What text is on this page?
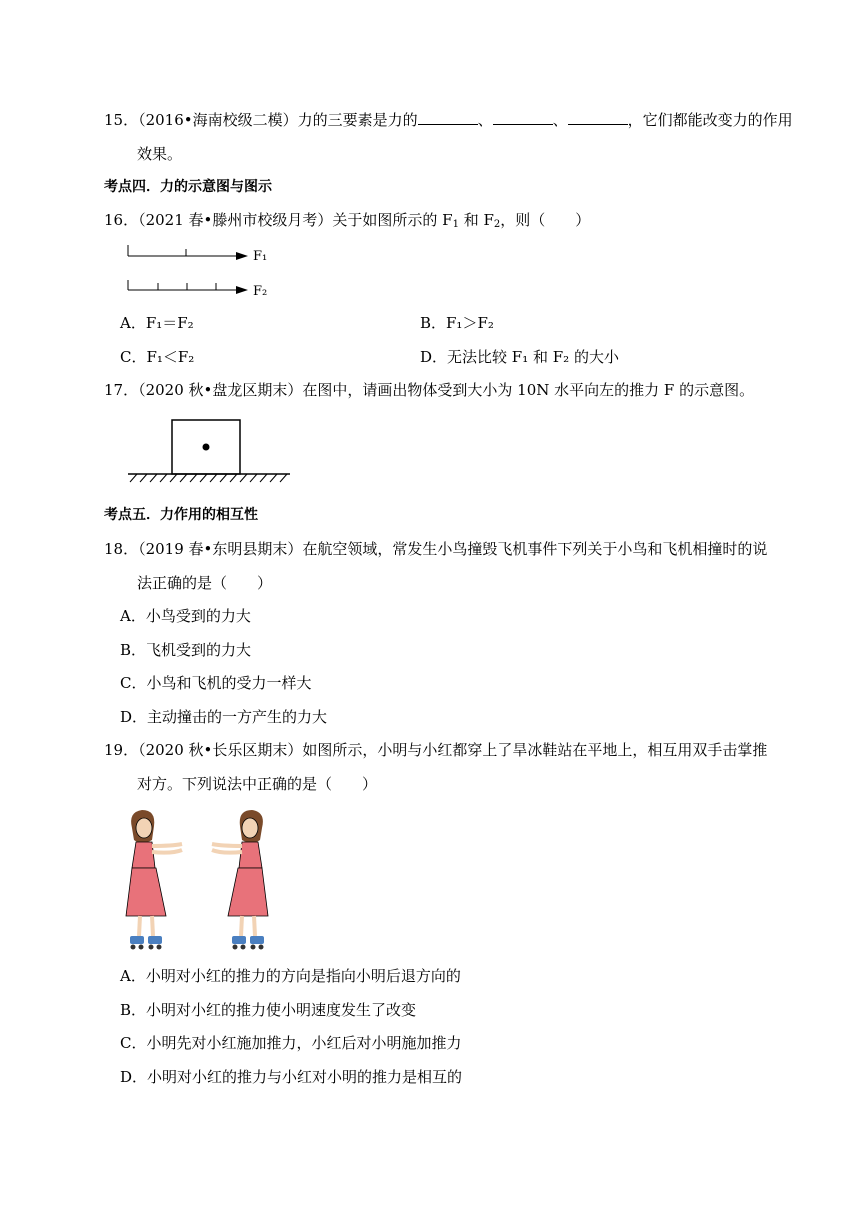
15．（2016•海南校级二模）力的三要素是力的	、	、	，它们都能改变力的作用
效果。
考点四．力的示意图与图示
16．（2021 春•滕州市校级月考）关于如图所示的 $F_1$ 和 $F_2$，则（　　）
F₁
F₂
A．F₁＝F₂	B．F₁＞F₂
C．F₁＜F₂	D．无法比较 F₁ 和 F₂ 的大小
17．（2020 秋•盘龙区期末）在图中，请画出物体受到大小为 10N 水平向左的推力 F 的示意图。
考点五．力作用的相互性
18．（2019 春•东明县期末）在航空领域，常发生小鸟撞毁飞机事件下列关于小鸟和飞机相撞时的说
法正确的是（　　）
A．小鸟受到的力大
B．飞机受到的力大
C．小鸟和飞机的受力一样大
D．主动撞击的一方产生的力大
19．（2020 秋•长乐区期末）如图所示，小明与小红都穿上了旱冰鞋站在平地上，相互用双手击掌推
对方。下列说法中正确的是（　　）
A．小明对小红的推力的方向是指向小明后退方向的
B．小明对小红的推力使小明速度发生了改变
C．小明先对小红施加推力，小红后对小明施加推力
D．小明对小红的推力与小红对小明的推力是相互的
